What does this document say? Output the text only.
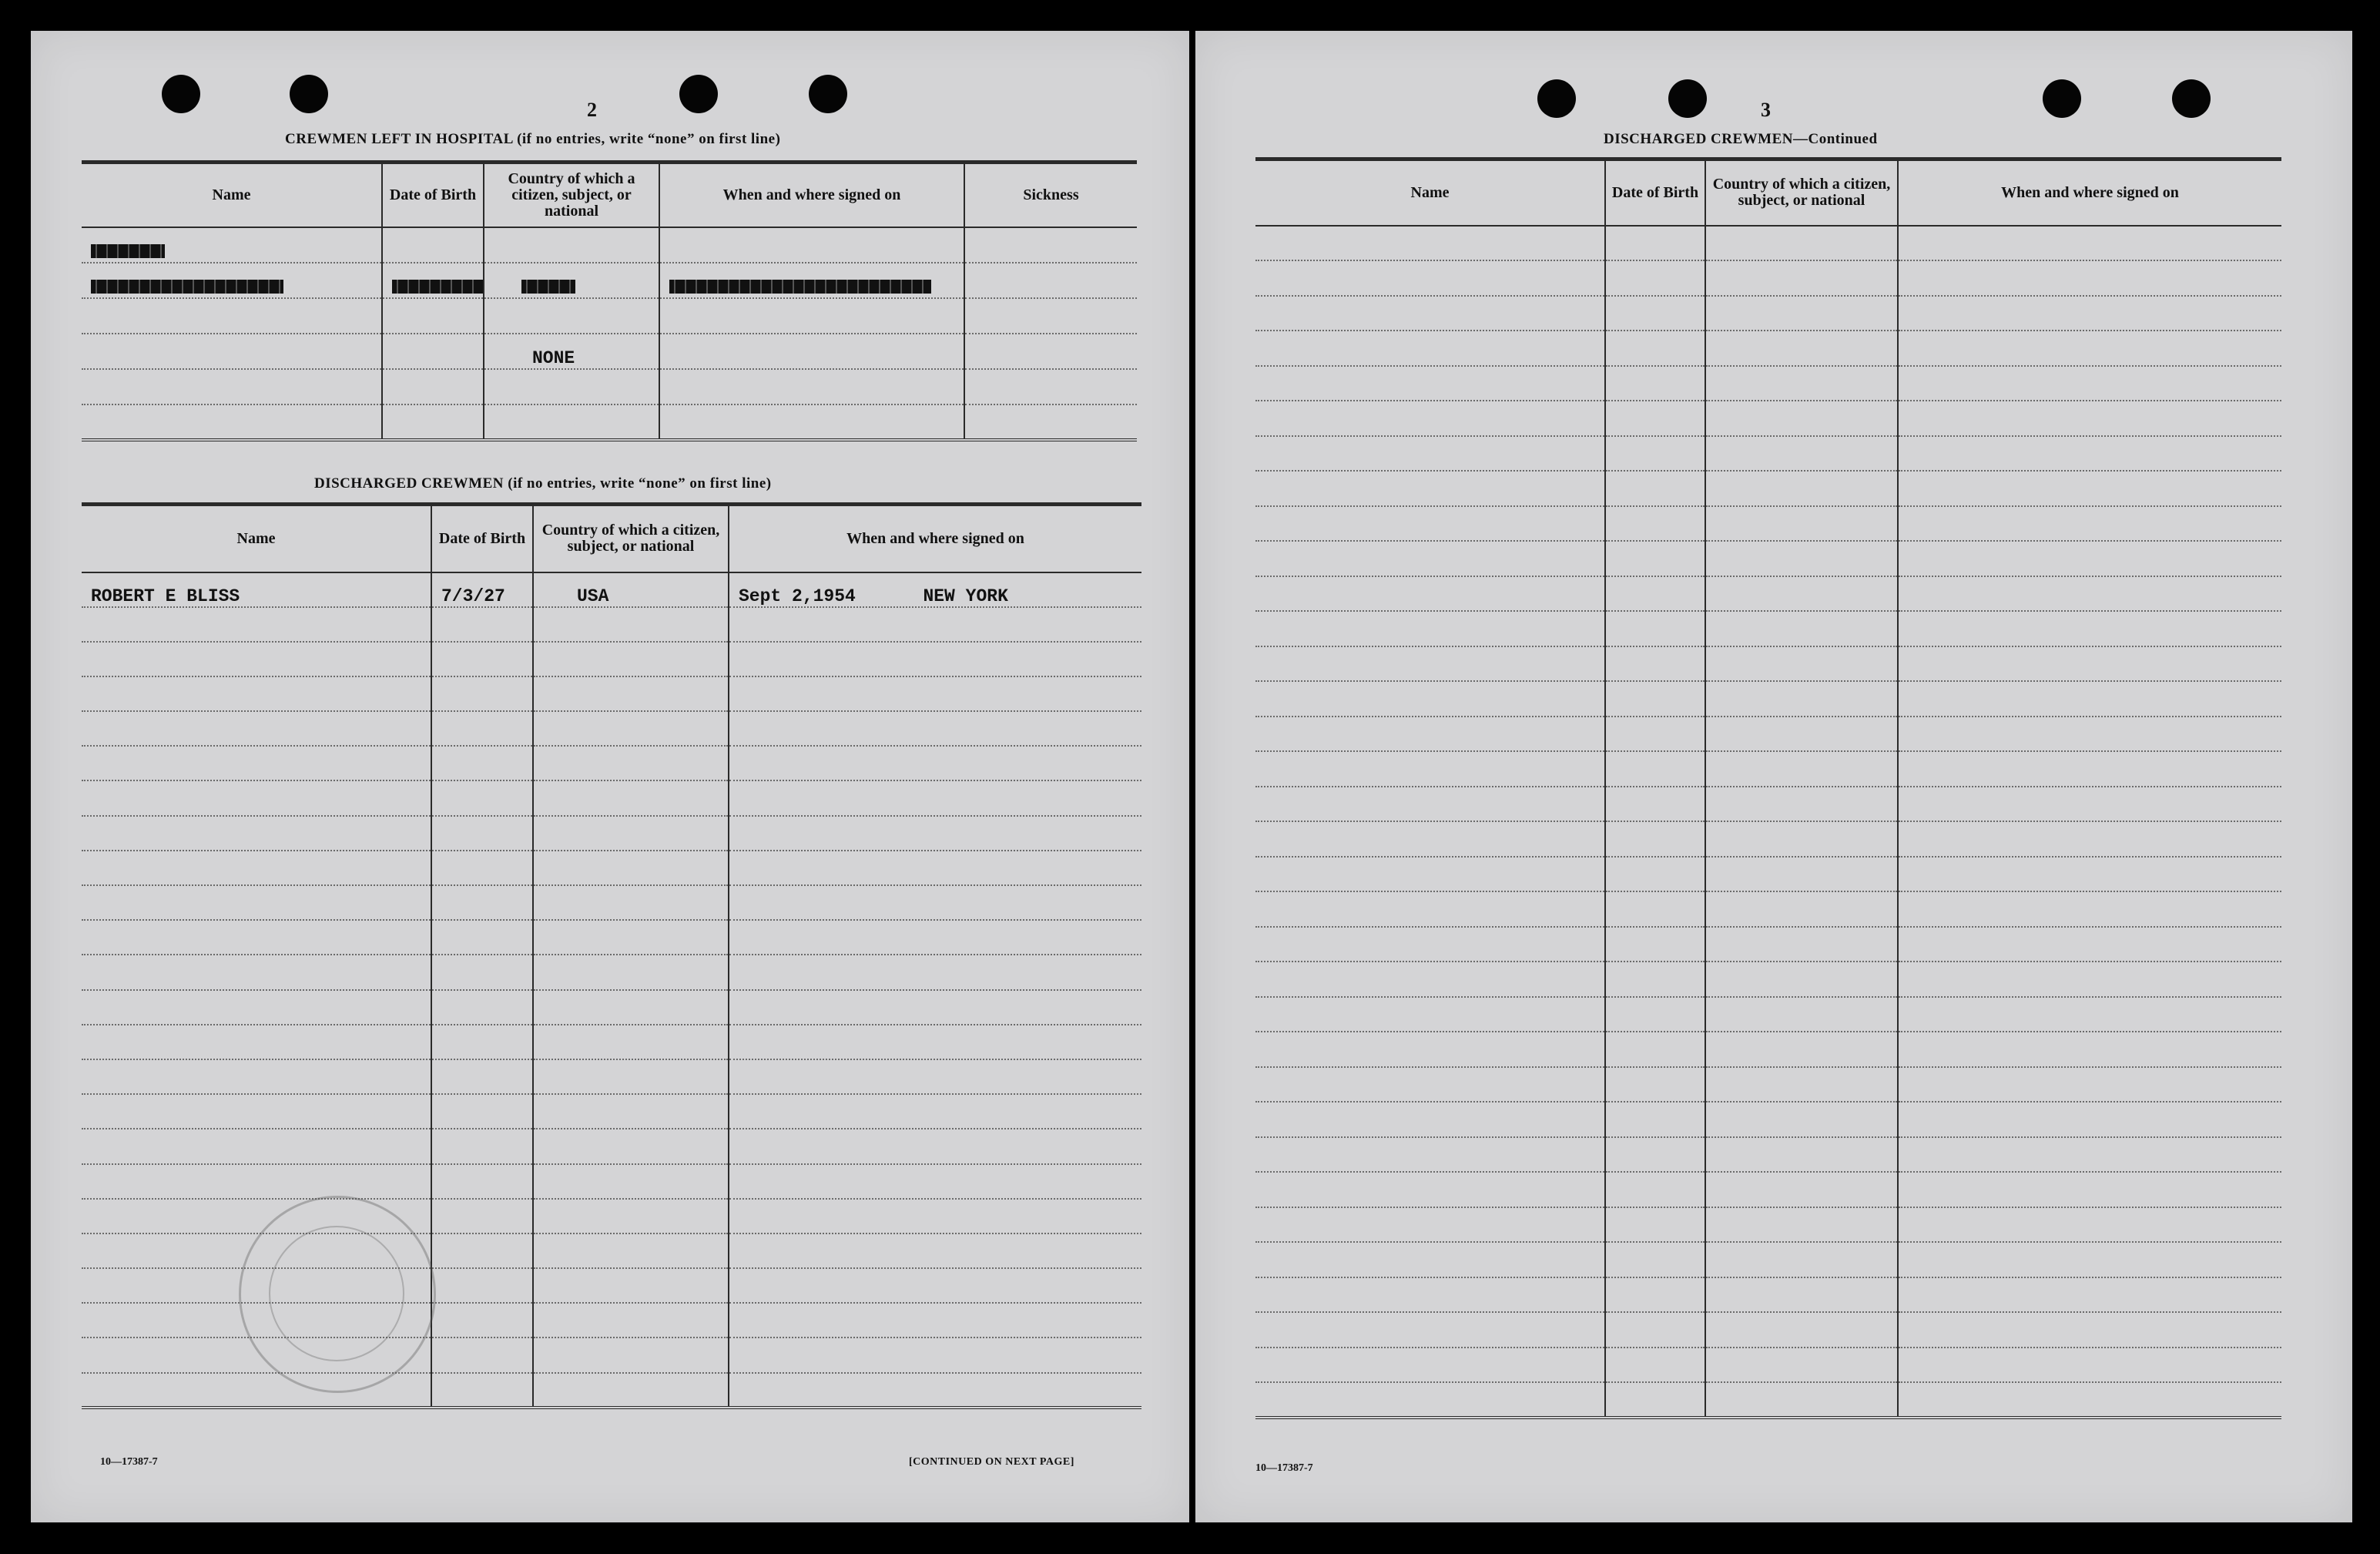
2
CREWMEN LEFT IN HOSPITAL (if no entries, write “none” on first line)
Name	Date of Birth	Country of which a citizen, subject, or national	When and where signed on	Sickness

		NONE		

DISCHARGED CREWMEN (if no entries, write “none” on first line)
Name	Date of Birth	Country of which a citizen, subject, or national	When and where signed on
ROBERT E BLISS	7/3/27	USA	Sept 2,1954 NEW YORK

10—17387-7	[CONTINUED ON NEXT PAGE]
3
DISCHARGED CREWMEN—Continued
Name	Date of Birth	Country of which a citizen, subject, or national	When and where signed on

10—17387-7
